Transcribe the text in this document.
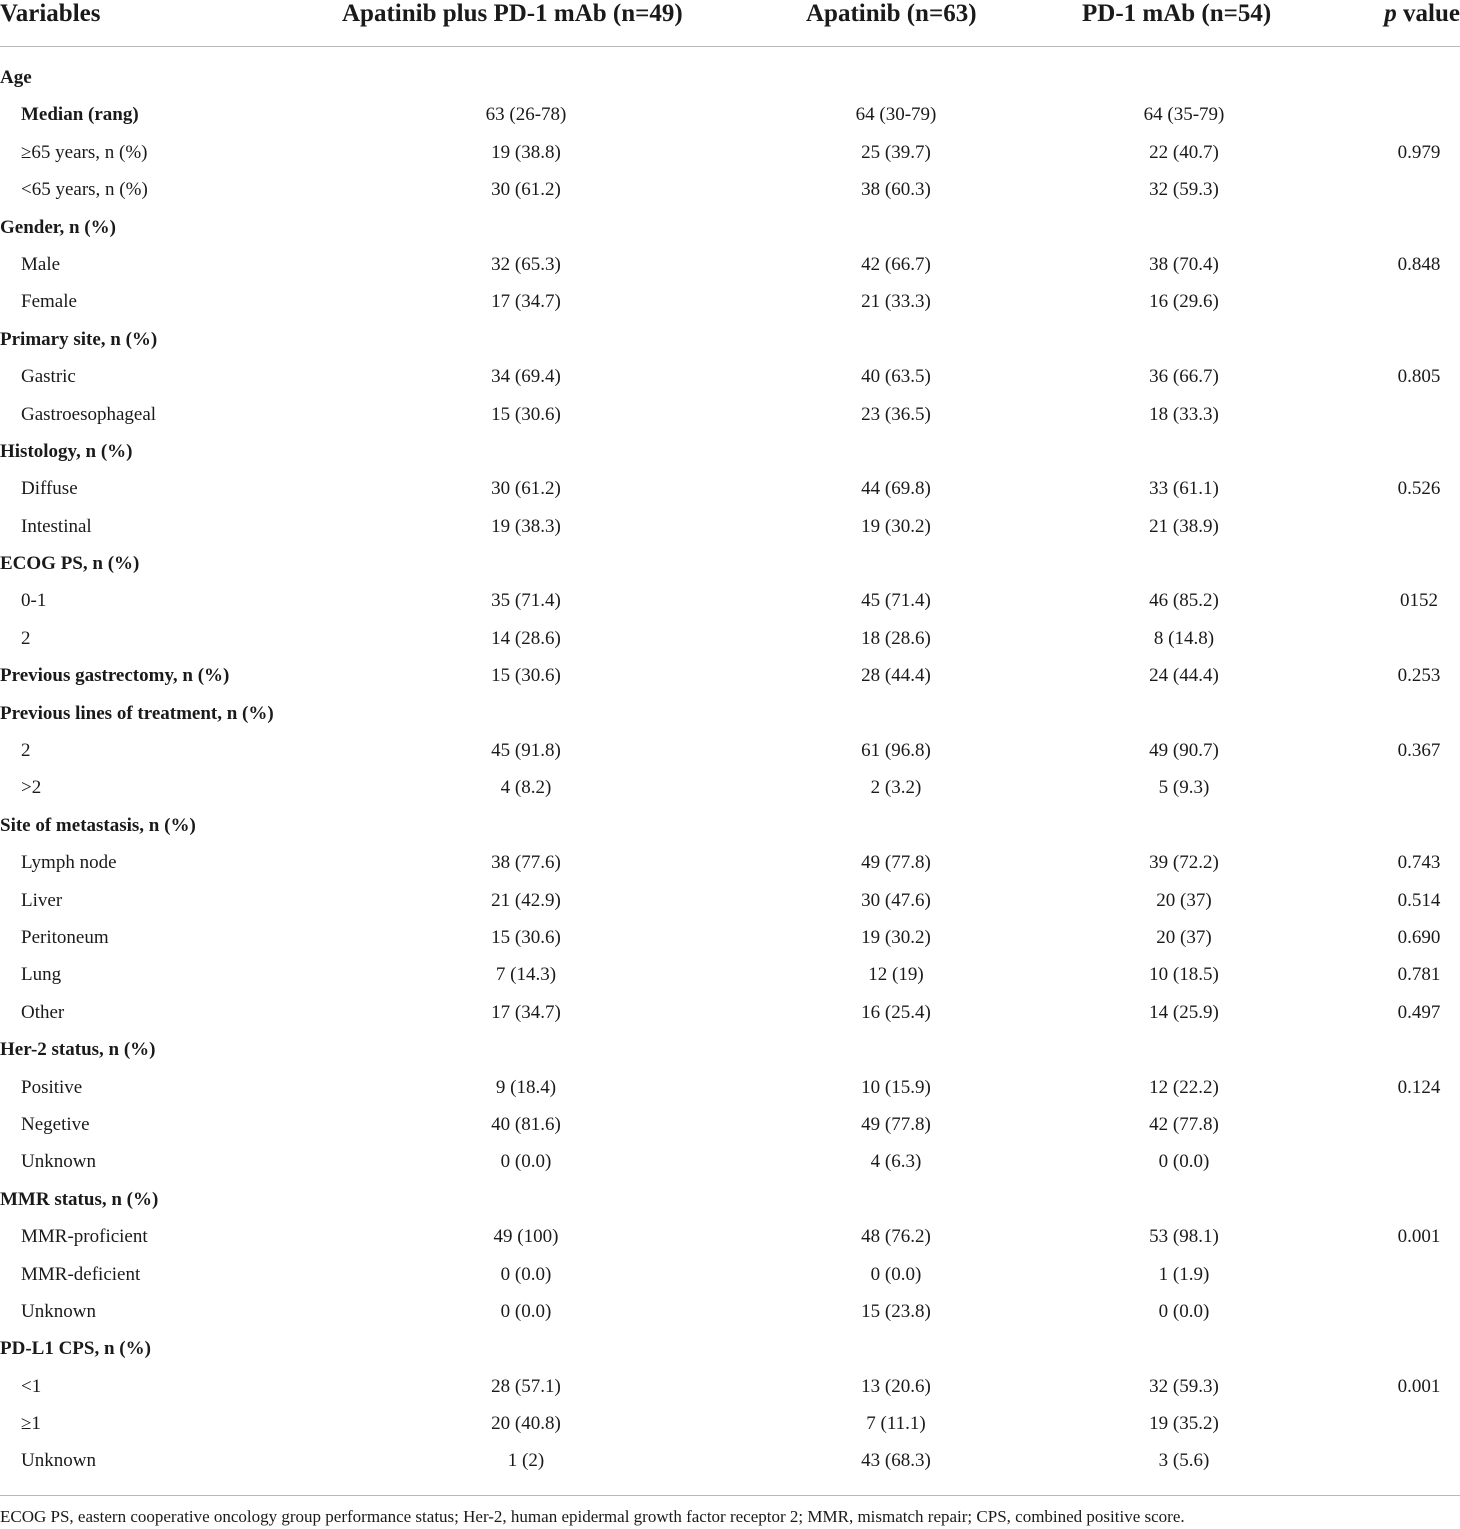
Variables	Apatinib plus PD-1 mAb (n=49)	Apatinib (n=63)	PD-1 mAb (n=54)	p value
Age
Median (rang)	63 (26-78)	64 (30-79)	64 (35-79)
≥65 years, n (%)	19 (38.8)	25 (39.7)	22 (40.7)	0.979
<65 years, n (%)	30 (61.2)	38 (60.3)	32 (59.3)
Gender, n (%)
Male	32 (65.3)	42 (66.7)	38 (70.4)	0.848
Female	17 (34.7)	21 (33.3)	16 (29.6)
Primary site, n (%)
Gastric	34 (69.4)	40 (63.5)	36 (66.7)	0.805
Gastroesophageal	15 (30.6)	23 (36.5)	18 (33.3)
Histology, n (%)
Diffuse	30 (61.2)	44 (69.8)	33 (61.1)	0.526
Intestinal	19 (38.3)	19 (30.2)	21 (38.9)
ECOG PS, n (%)
0-1	35 (71.4)	45 (71.4)	46 (85.2)	0152
2	14 (28.6)	18 (28.6)	8 (14.8)
Previous gastrectomy, n (%)	15 (30.6)	28 (44.4)	24 (44.4)	0.253
Previous lines of treatment, n (%)
2	45 (91.8)	61 (96.8)	49 (90.7)	0.367
>2	4 (8.2)	2 (3.2)	5 (9.3)
Site of metastasis, n (%)
Lymph node	38 (77.6)	49 (77.8)	39 (72.2)	0.743
Liver	21 (42.9)	30 (47.6)	20 (37)	0.514
Peritoneum	15 (30.6)	19 (30.2)	20 (37)	0.690
Lung	7 (14.3)	12 (19)	10 (18.5)	0.781
Other	17 (34.7)	16 (25.4)	14 (25.9)	0.497
Her-2 status, n (%)
Positive	9 (18.4)	10 (15.9)	12 (22.2)	0.124
Negetive	40 (81.6)	49 (77.8)	42 (77.8)
Unknown	0 (0.0)	4 (6.3)	0 (0.0)
MMR status, n (%)
MMR-proficient	49 (100)	48 (76.2)	53 (98.1)	0.001
MMR-deficient	0 (0.0)	0 (0.0)	1 (1.9)
Unknown	0 (0.0)	15 (23.8)	0 (0.0)
PD-L1 CPS, n (%)
<1	28 (57.1)	13 (20.6)	32 (59.3)	0.001
≥1	20 (40.8)	7 (11.1)	19 (35.2)
Unknown	1 (2)	43 (68.3)	3 (5.6)
ECOG PS, eastern cooperative oncology group performance status; Her-2, human epidermal growth factor receptor 2; MMR, mismatch repair; CPS, combined positive score.
